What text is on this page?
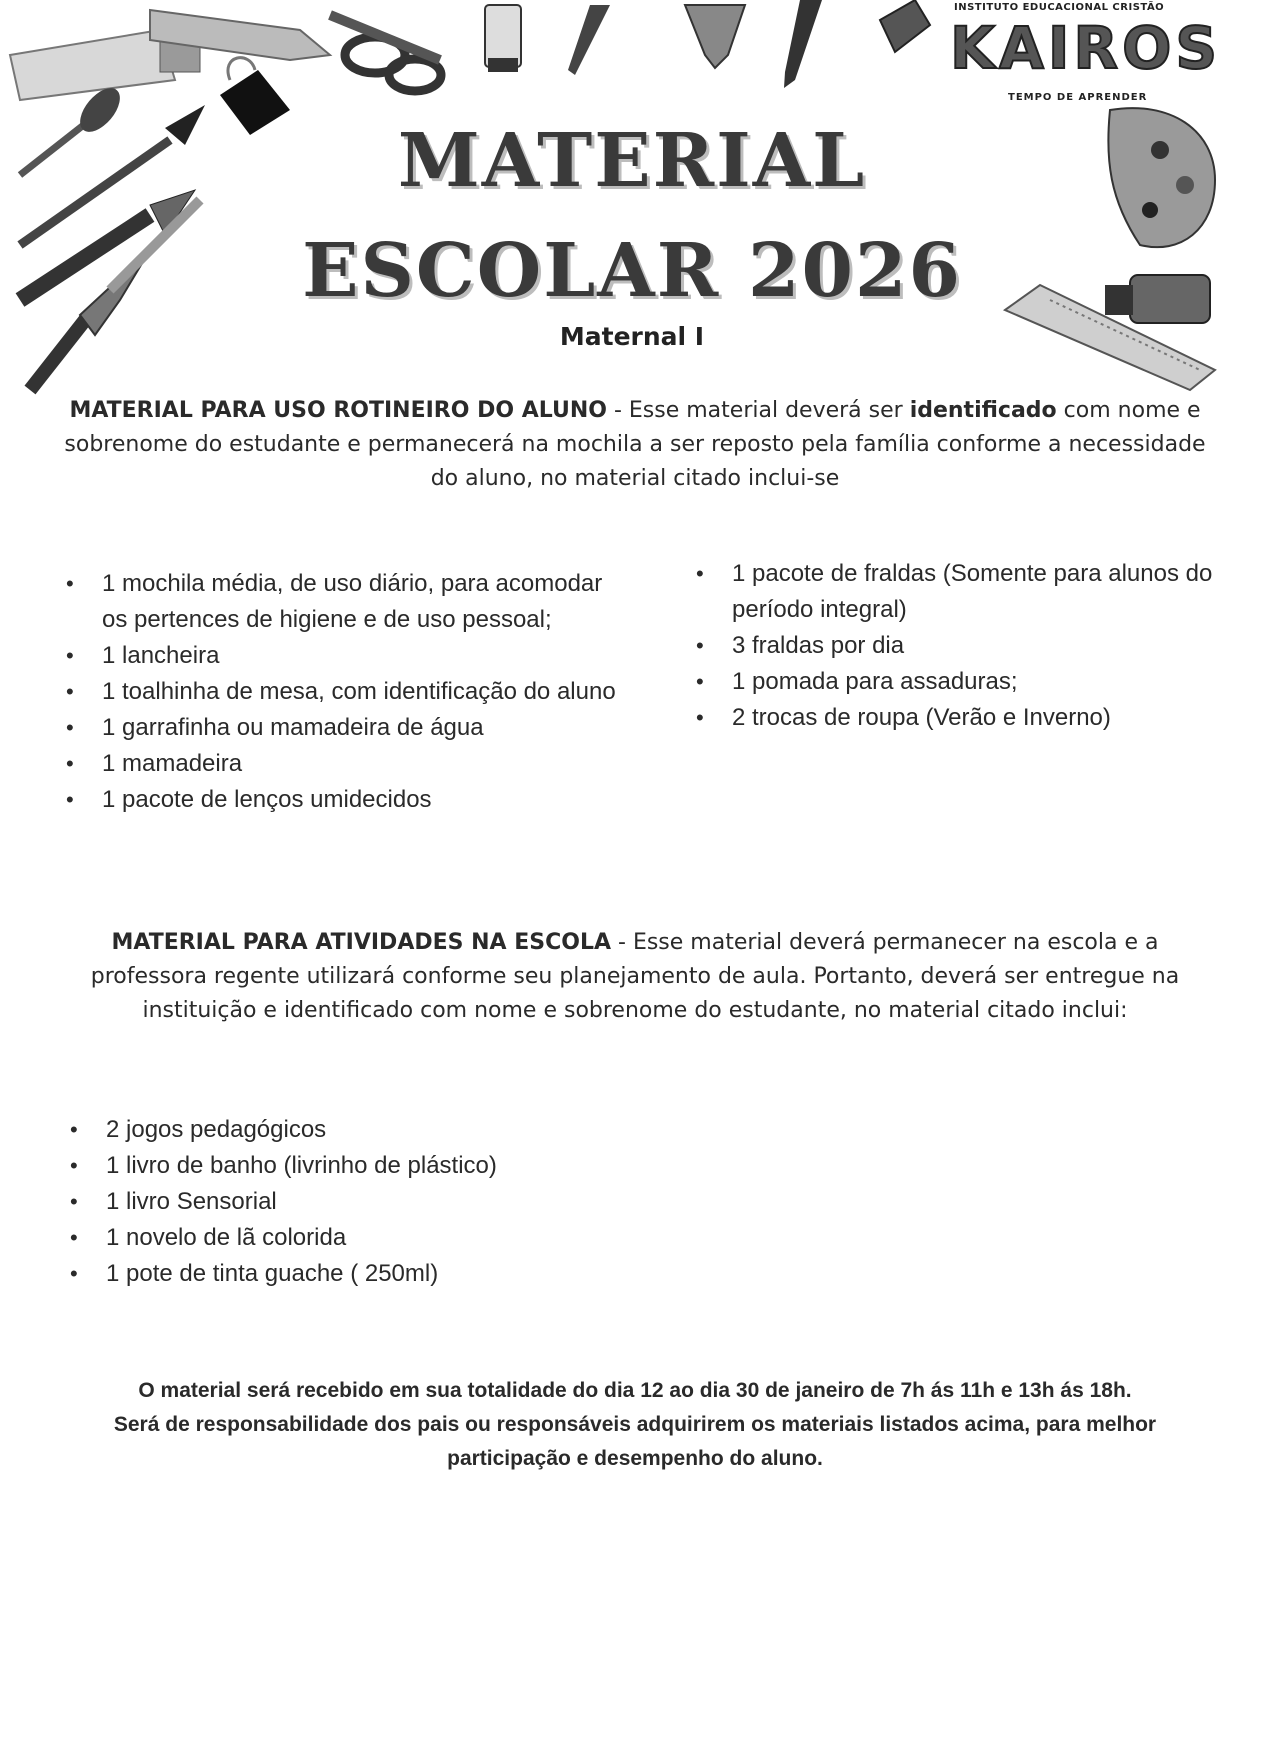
INSTITUTO EDUCACIONAL CRISTÃO
KAIROS
TEMPO DE APRENDER
MATERIAL
ESCOLAR 2026
Maternal I
MATERIAL PARA USO ROTINEIRO DO ALUNO - Esse material deverá ser identificado com nome e sobrenome do estudante e permanecerá na mochila a ser reposto pela família conforme a necessidade do aluno, no material citado inclui-se
• 1 mochila média, de uso diário, para acomodar os pertences de higiene e de uso pessoal;
• 1 lancheira
• 1 toalhinha de mesa, com identificação do aluno
• 1 garrafinha ou mamadeira de água
• 1 mamadeira
• 1 pacote de lenços umidecidos
• 1 pacote de fraldas (Somente para alunos do período integral)
• 3 fraldas por dia
• 1 pomada para assaduras;
• 2 trocas de roupa (Verão e Inverno)
MATERIAL PARA ATIVIDADES NA ESCOLA - Esse material deverá permanecer na escola e a professora regente utilizará conforme seu planejamento de aula. Portanto, deverá ser entregue na instituição e identificado com nome e sobrenome do estudante, no material citado inclui:
• 2 jogos pedagógicos
• 1 livro de banho (livrinho de plástico)
• 1 livro Sensorial
• 1 novelo de lã colorida
• 1 pote de tinta guache ( 250ml)
O material será recebido em sua totalidade do dia 12 ao dia 30 de janeiro de 7h ás 11h e 13h ás 18h.
Será de responsabilidade dos pais ou responsáveis adquirirem os materiais listados acima, para melhor participação e desempenho do aluno.
